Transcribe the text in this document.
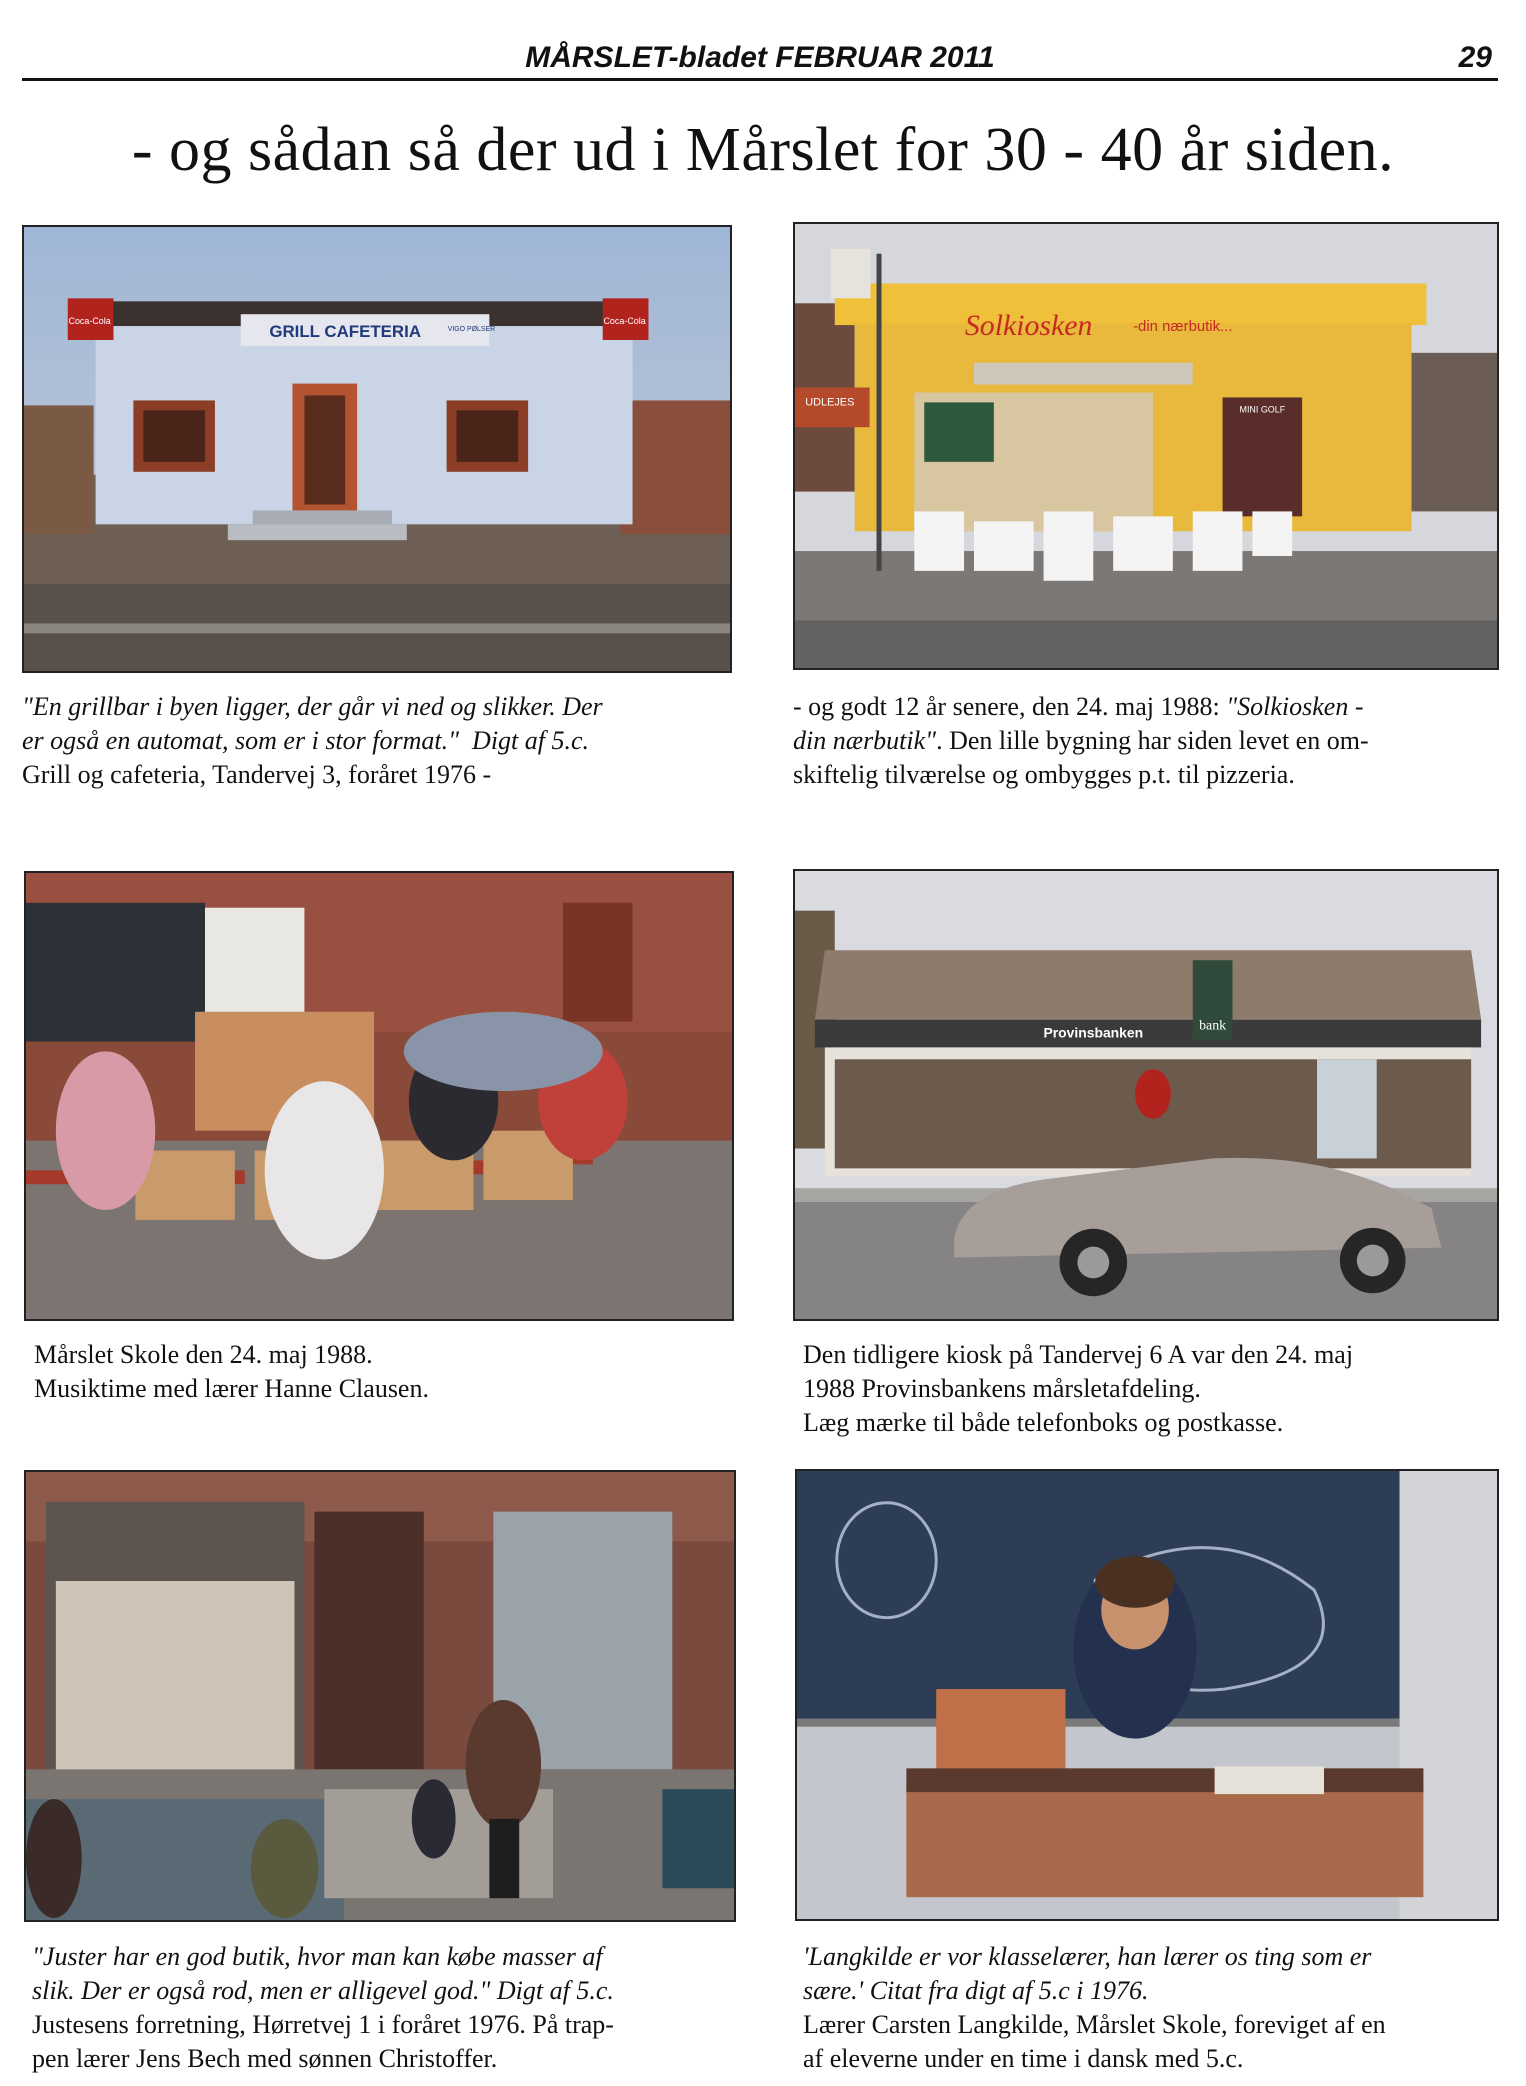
MÅRSLET-bladet FEBRUAR 2011	29
- og sådan så der ud i Mårslet for 30 - 40 år siden.
Coca-Cola	Coca-Cola
GRILL CAFETERIA	VIGO PØLSER
"En grillbar i byen ligger, der går vi ned og slikker. Der
er også en automat, som er i stor format." Digt af 5.c.
Grill og cafeteria, Tandervej 3, foråret 1976 -
Solkiosken	-din nærbutik...
UDLEJES
MINI GOLF
- og godt 12 år senere, den 24. maj 1988: "Solkiosken -
din nærbutik". Den lille bygning har siden levet en om-
skiftelig tilværelse og ombygges p.t. til pizzeria.
Mårslet Skole den 24. maj 1988.
Musiktime med lærer Hanne Clausen.
Provinsbanken	bank
Den tidligere kiosk på Tandervej 6 A var den 24. maj
1988 Provinsbankens mårsletafdeling.
Læg mærke til både telefonboks og postkasse.
"Juster har en god butik, hvor man kan købe masser af
slik. Der er også rod, men er alligevel god." Digt af 5.c.
Justesens forretning, Hørretvej 1 i foråret 1976. På trap-
pen lærer Jens Bech med sønnen Christoffer.
'Langkilde er vor klasselærer, han lærer os ting som er
sære.' Citat fra digt af 5.c i 1976.
Lærer Carsten Langkilde, Mårslet Skole, foreviget af en
af eleverne under en time i dansk med 5.c.
